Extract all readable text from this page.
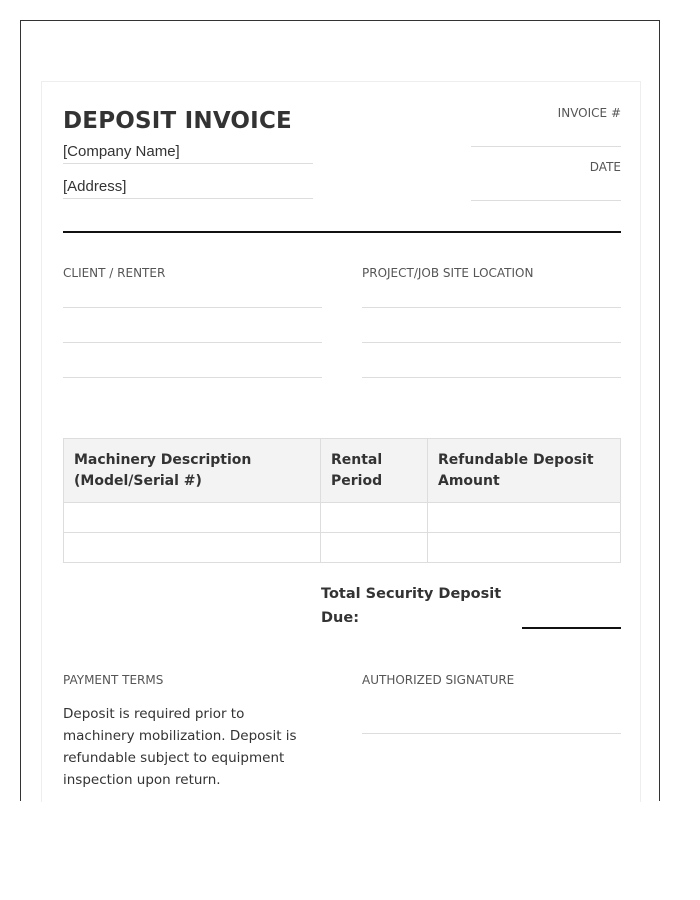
DEPOSIT INVOICE
[Company Name]
[Address]
INVOICE #
DATE
CLIENT / RENTER	PROJECT/JOB SITE LOCATION
Machinery Description (Model/Serial #)	Rental Period	Refundable Deposit Amount

Total Security Deposit
Due:
PAYMENT TERMS
Deposit is required prior to machinery mobilization. Deposit is refundable subject to equipment inspection upon return.
AUTHORIZED SIGNATURE
